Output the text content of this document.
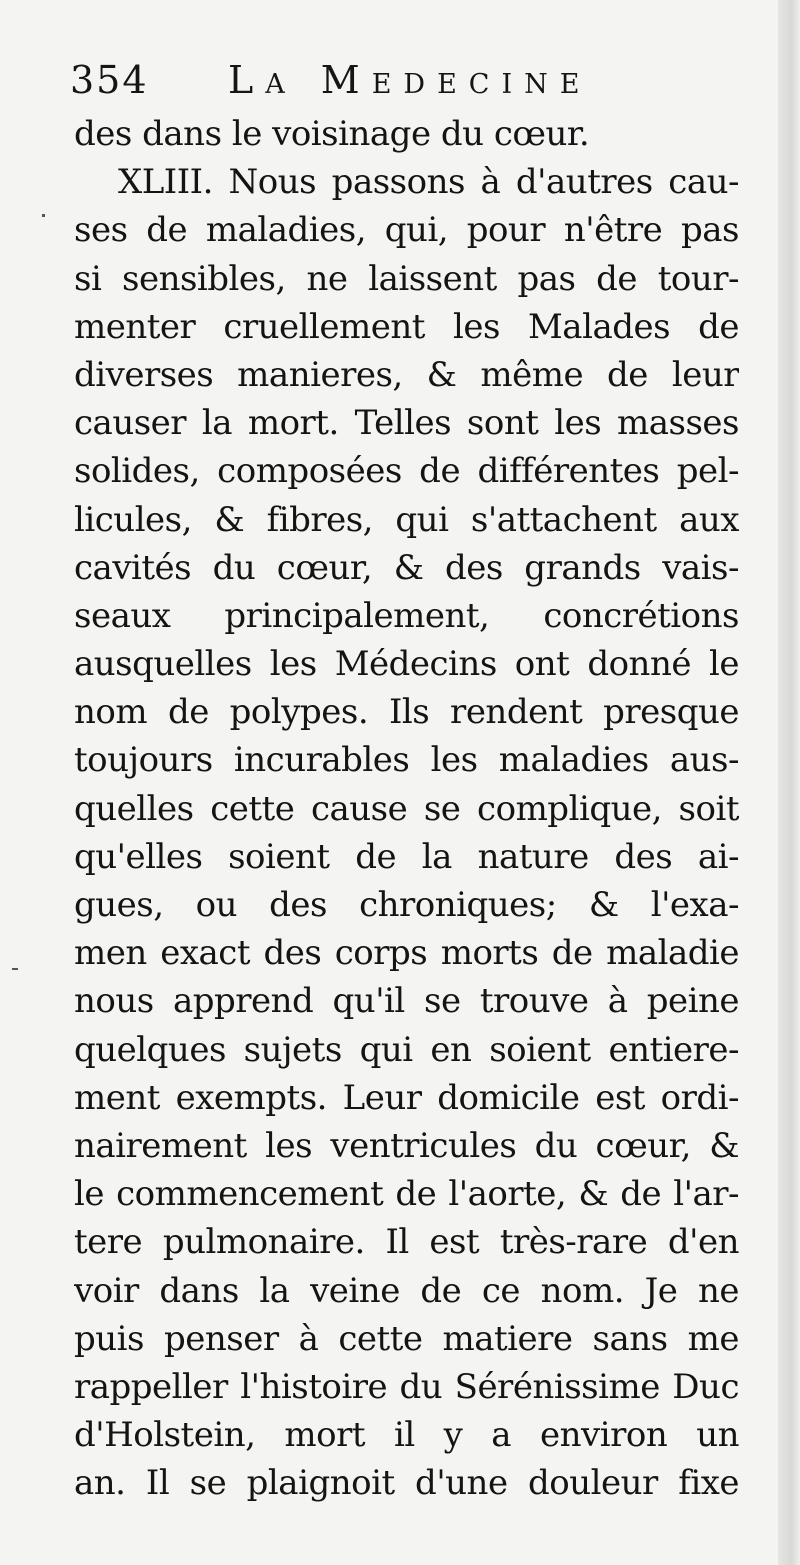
354 La Medecine
des dans le voisinage du cœur.
XLIII. Nous passons à d'autres cau-
ses de maladies, qui, pour n'être pas
si sensibles, ne laissent pas de tour-
menter cruellement les Malades de
diverses manieres, & même de leur
causer la mort. Telles sont les masses
solides, composées de différentes pel-
licules, & fibres, qui s'attachent aux
cavités du cœur, & des grands vais-
seaux principalement, concrétions
ausquelles les Médecins ont donné le
nom de polypes. Ils rendent presque
toujours incurables les maladies aus-
quelles cette cause se complique, soit
qu'elles soient de la nature des ai-
gues, ou des chroniques; & l'exa-
men exact des corps morts de maladie
nous apprend qu'il se trouve à peine
quelques sujets qui en soient entiere-
ment exempts. Leur domicile est ordi-
nairement les ventricules du cœur, &
le commencement de l'aorte, & de l'ar-
tere pulmonaire. Il est très-rare d'en
voir dans la veine de ce nom. Je ne
puis penser à cette matiere sans me
rappeller l'histoire du Sérénissime Duc
d'Holstein, mort il y a environ un
an. Il se plaignoit d'une douleur fixe
